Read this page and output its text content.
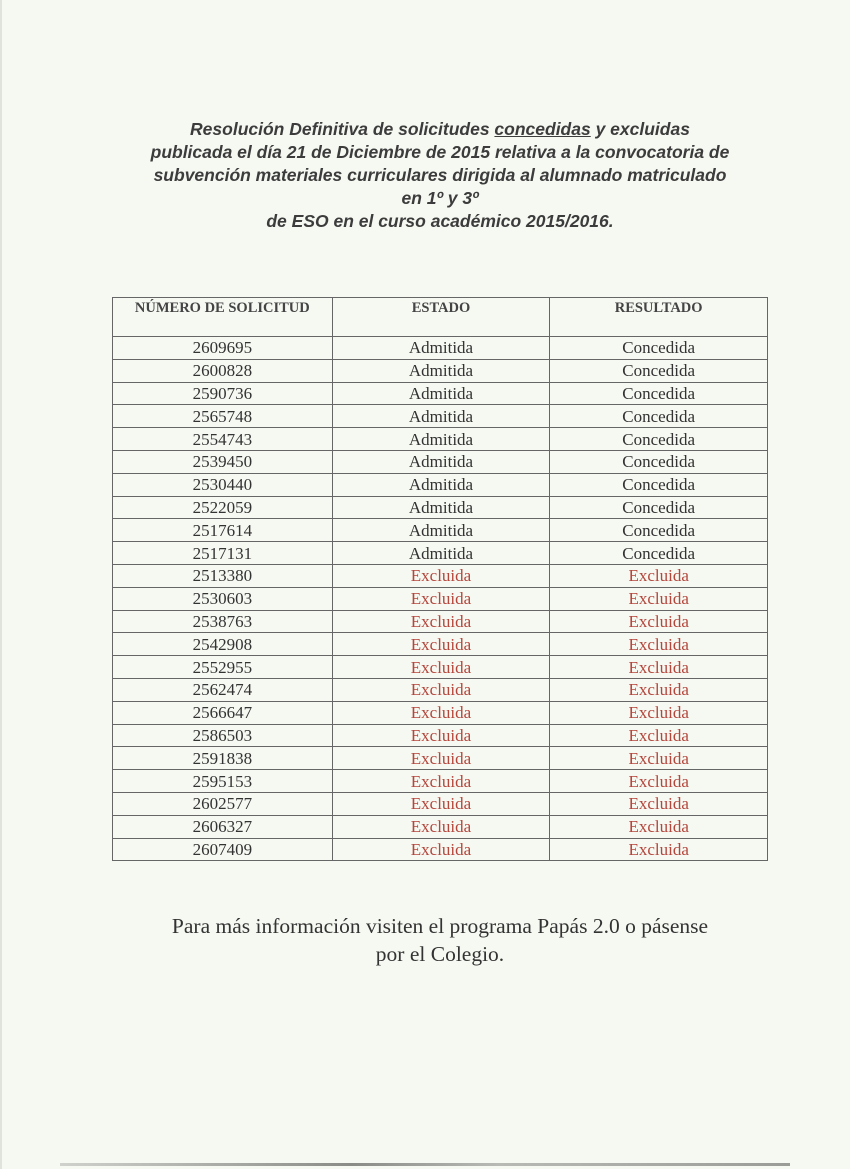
Resolución Definitiva de solicitudes concedidas y excluidas
publicada el día 21 de Diciembre de 2015 relativa a la convocatoria de
subvención materiales curriculares dirigida al alumnado matriculado
en 1º y 3º
de ESO en el curso académico 2015/2016.
NÚMERO DE SOLICITUD	ESTADO	RESULTADO
2609695	Admitida	Concedida
2600828	Admitida	Concedida
2590736	Admitida	Concedida
2565748	Admitida	Concedida
2554743	Admitida	Concedida
2539450	Admitida	Concedida
2530440	Admitida	Concedida
2522059	Admitida	Concedida
2517614	Admitida	Concedida
2517131	Admitida	Concedida
2513380	Excluida	Excluida
2530603	Excluida	Excluida
2538763	Excluida	Excluida
2542908	Excluida	Excluida
2552955	Excluida	Excluida
2562474	Excluida	Excluida
2566647	Excluida	Excluida
2586503	Excluida	Excluida
2591838	Excluida	Excluida
2595153	Excluida	Excluida
2602577	Excluida	Excluida
2606327	Excluida	Excluida
2607409	Excluida	Excluida
Para más información visiten el programa Papás 2.0 o pásense
por el Colegio.
